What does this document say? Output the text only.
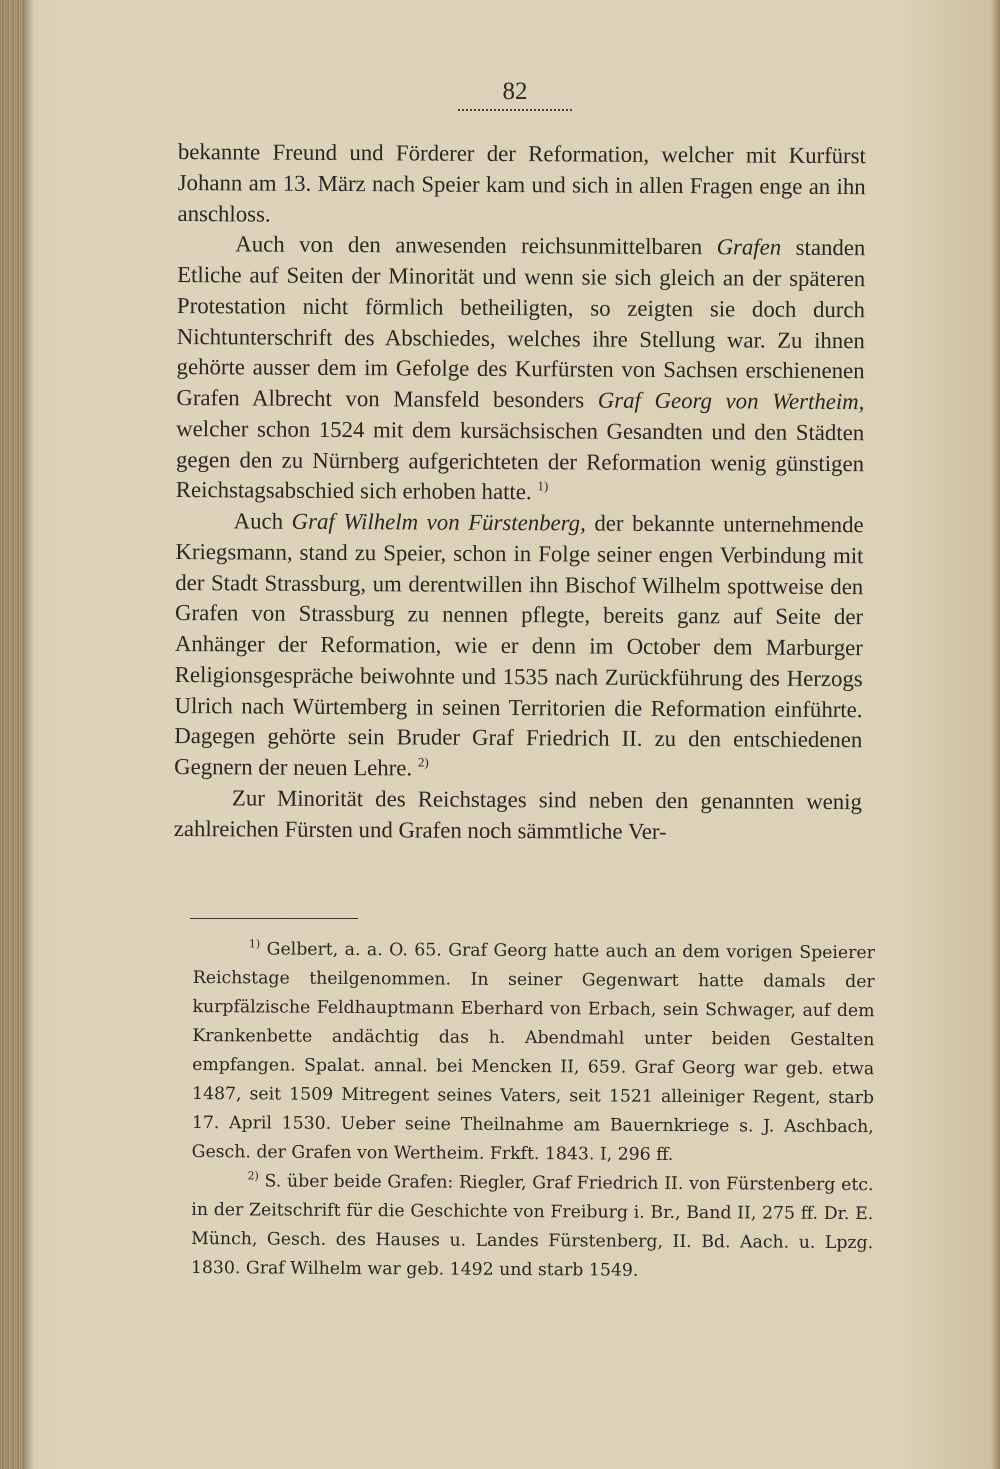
82

bekannte Freund und Förderer der Reformation, welcher mit Kurfürst Johann am 13. März nach Speier kam und sich in allen Fragen enge an ihn anschloss.

Auch von den anwesenden reichsunmittelbaren Grafen standen Etliche auf Seiten der Minorität und wenn sie sich gleich an der späteren Protestation nicht förmlich betheiligten, so zeigten sie doch durch Nichtunterschrift des Abschiedes, welches ihre Stellung war. Zu ihnen gehörte ausser dem im Gefolge des Kurfürsten von Sachsen erschienenen Grafen Albrecht von Mansfeld besonders Graf Georg von Wertheim, welcher schon 1524 mit dem kursächsischen Gesandten und den Städten gegen den zu Nürnberg aufgerichteten der Reformation wenig günstigen Reichstagsabschied sich erhoben hatte. $^{1)}$

Auch Graf Wilhelm von Fürstenberg, der bekannte unternehmende Kriegsmann, stand zu Speier, schon in Folge seiner engen Verbindung mit der Stadt Strassburg, um derentwillen ihn Bischof Wilhelm spottweise den Grafen von Strassburg zu nennen pflegte, bereits ganz auf Seite der Anhänger der Reformation, wie er denn im October dem Marburger Religionsgespräche beiwohnte und 1535 nach Zurückführung des Herzogs Ulrich nach Würtemberg in seinen Territorien die Reformation einführte. Dagegen gehörte sein Bruder Graf Friedrich II. zu den entschiedenen Gegnern der neuen Lehre. $^{2)}$

Zur Minorität des Reichstages sind neben den genannten wenig zahlreichen Fürsten und Grafen noch sämmtliche Ver-

$^{1)}$ Gelbert, a. a. O. 65. Graf Georg hatte auch an dem vorigen Speierer Reichstage theilgenommen. In seiner Gegenwart hatte damals der kurpfälzische Feldhauptmann Eberhard von Erbach, sein Schwager, auf dem Krankenbette andächtig das h. Abendmahl unter beiden Gestalten empfangen. Spalat. annal. bei Mencken II, 659. Graf Georg war geb. etwa 1487, seit 1509 Mitregent seines Vaters, seit 1521 alleiniger Regent, starb 17. April 1530. Ueber seine Theilnahme am Bauernkriege s. J. Aschbach, Gesch. der Grafen von Wertheim. Frkft. 1843. I, 296 ff.

$^{2)}$ S. über beide Grafen: Riegler, Graf Friedrich II. von Fürstenberg etc. in der Zeitschrift für die Geschichte von Freiburg i. Br., Band II, 275 ff. Dr. E. Münch, Gesch. des Hauses u. Landes Fürstenberg, II. Bd. Aach. u. Lpzg. 1830. Graf Wilhelm war geb. 1492 und starb 1549.
